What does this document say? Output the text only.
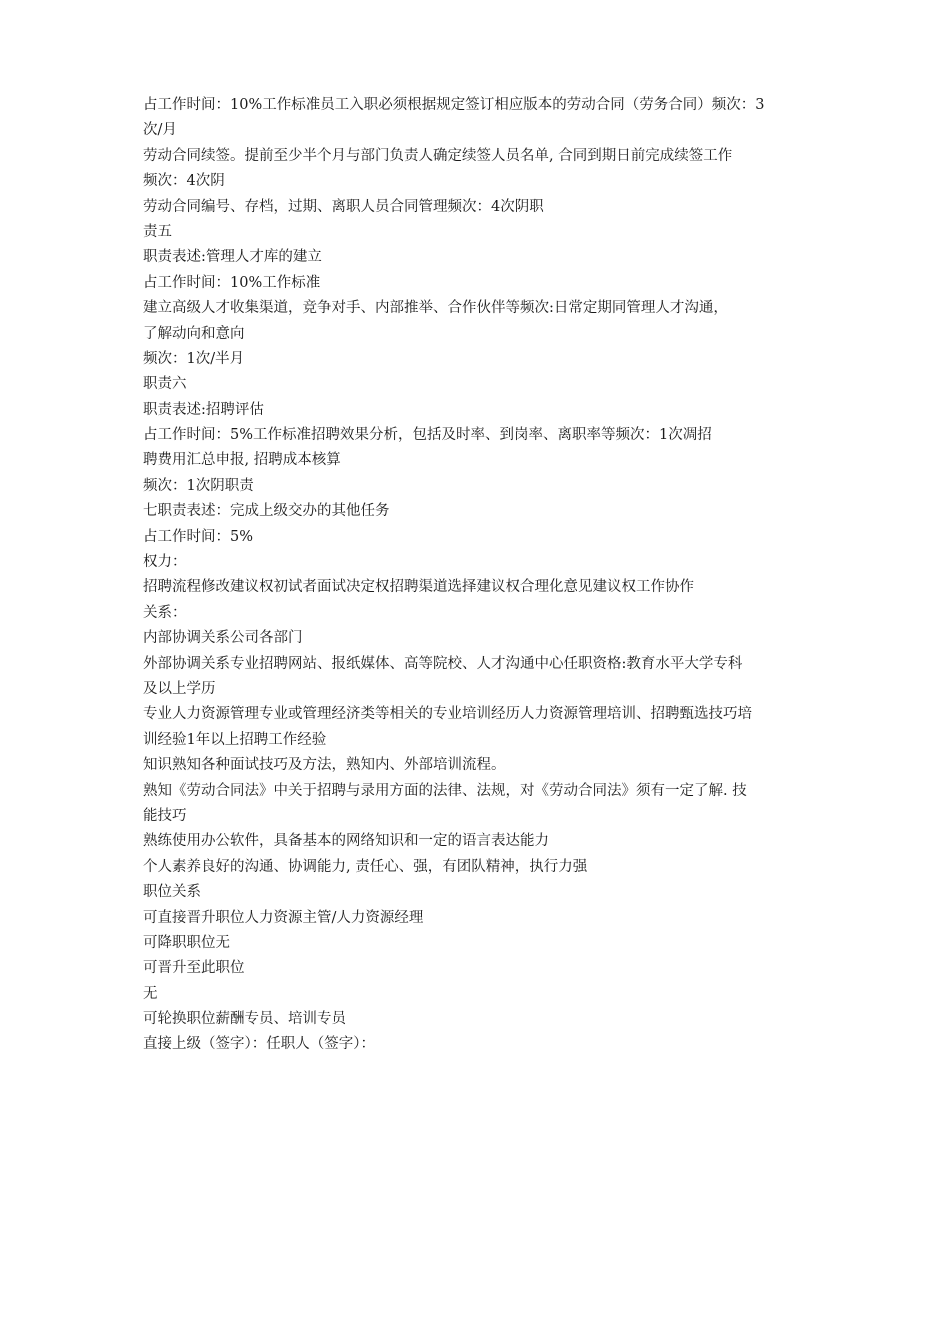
占工作时间：10%工作标准员工入职必须根据规定签订相应版本的劳动合同（劳务合同）频次：3
次/月
劳动合同续签。提前至少半个月与部门负责人确定续签人员名单, 合同到期日前完成续签工作
频次：4次阴
劳动合同编号、存档，过期、离职人员合同管理频次：4次阴职
责五
职责表述:管理人才库的建立
占工作时间：10%工作标准
建立高级人才收集渠道，竞争对手、内部推举、合作伙伴等频次:日常定期同管理人才沟通，
了解动向和意向
频次：1次/半月
职责六
职责表述:招聘评估
占工作时间：5%工作标准招聘效果分析，包括及时率、到岗率、离职率等频次：1次凋招
聘费用汇总申报, 招聘成本核算
频次：1次阴职责
七职责表述：完成上级交办的其他任务
占工作时间：5%
权力：
招聘流程修改建议权初试者面试决定权招聘渠道选择建议权合理化意见建议权工作协作
关系：
内部协调关系公司各部门
外部协调关系专业招聘网站、报纸媒体、高等院校、人才沟通中心任职资格:教育水平大学专科
及以上学历
专业人力资源管理专业或管理经济类等相关的专业培训经历人力资源管理培训、招聘甄选技巧培
训经验1年以上招聘工作经验
知识熟知各种面试技巧及方法，熟知内、外部培训流程。
熟知《劳动合同法》中关于招聘与录用方面的法律、法规，对《劳动合同法》须有一定了解. 技
能技巧
熟练使用办公软件，具备基本的网络知识和一定的语言表达能力
个人素养良好的沟通、协调能力, 责任心、强，有团队精神，执行力强
职位关系
可直接晋升职位人力资源主管/人力资源经理
可降职职位无
可晋升至此职位
无
可轮换职位薪酬专员、培训专员
直接上级（签字）：任职人（签字）：
